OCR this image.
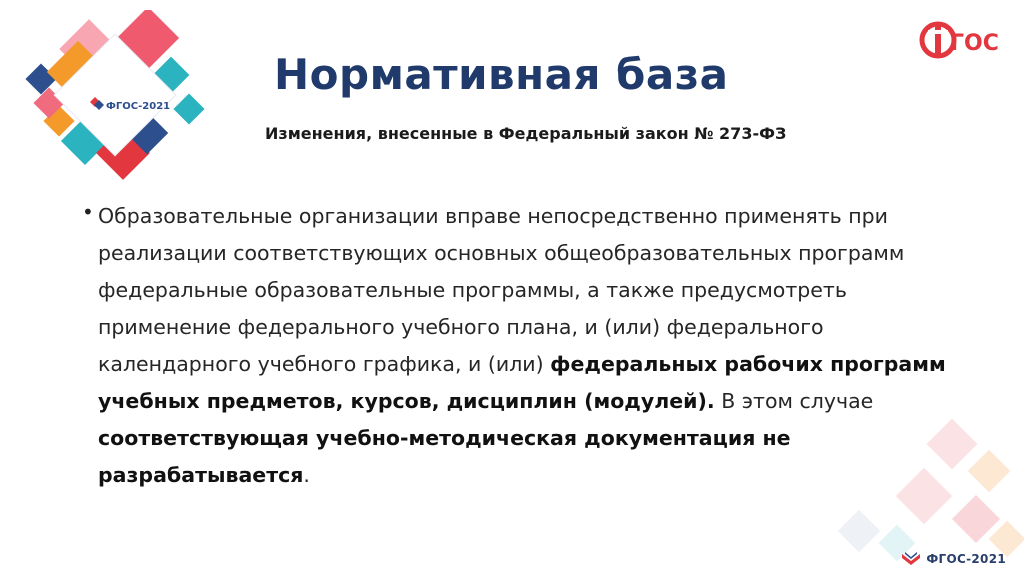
ФГОС-2021
ГОС
Нормативная база
Изменения, внесенные в Федеральный закон № 273-ФЗ
• Образовательные организации вправе непосредственно применять при реализации соответствующих основных общеобразовательных программ федеральные образовательные программы, а также предусмотреть применение федерального учебного плана, и (или) федерального календарного учебного графика, и (или) федеральных рабочих программ учебных предметов, курсов, дисциплин (модулей). В этом случае соответствующая учебно-методическая документация не разрабатывается.

ФГОС-2021
